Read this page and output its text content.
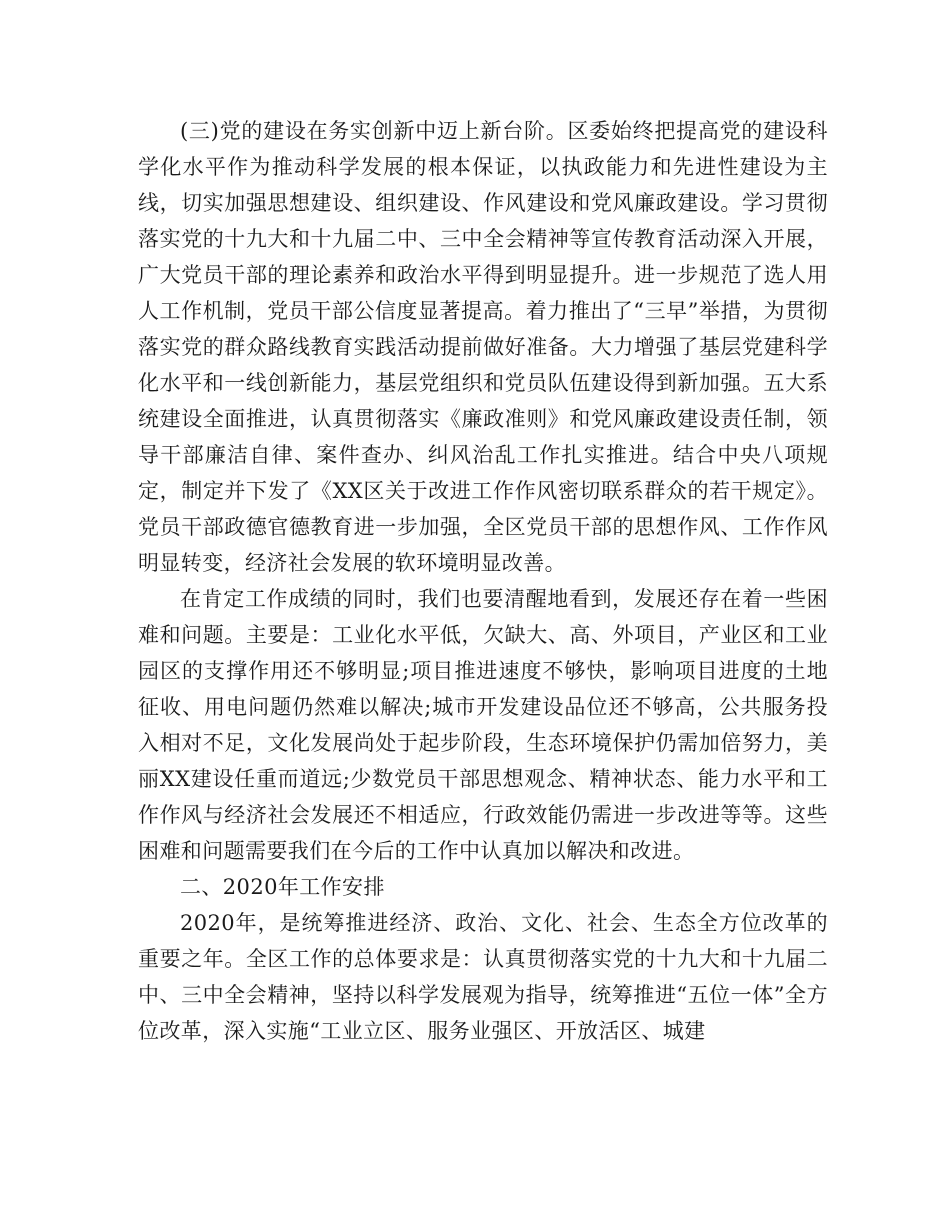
(三)党的建设在务实创新中迈上新台阶。区委始终把提高党的建设科学化水平作为推动科学发展的根本保证，以执政能力和先进性建设为主线，切实加强思想建设、组织建设、作风建设和党风廉政建设。学习贯彻落实党的十九大和十九届二中、三中全会精神等宣传教育活动深入开展，广大党员干部的理论素养和政治水平得到明显提升。进一步规范了选人用人工作机制，党员干部公信度显著提高。着力推出了“三早”举措，为贯彻落实党的群众路线教育实践活动提前做好准备。大力增强了基层党建科学化水平和一线创新能力，基层党组织和党员队伍建设得到新加强。五大系统建设全面推进，认真贯彻落实《廉政准则》和党风廉政建设责任制，领导干部廉洁自律、案件查办、纠风治乱工作扎实推进。结合中央八项规定，制定并下发了《XX区关于改进工作作风密切联系群众的若干规定》。党员干部政德官德教育进一步加强，全区党员干部的思想作风、工作作风明显转变，经济社会发展的软环境明显改善。

在肯定工作成绩的同时，我们也要清醒地看到，发展还存在着一些困难和问题。主要是：工业化水平低，欠缺大、高、外项目，产业区和工业园区的支撑作用还不够明显;项目推进速度不够快，影响项目进度的土地征收、用电问题仍然难以解决;城市开发建设品位还不够高，公共服务投入相对不足，文化发展尚处于起步阶段，生态环境保护仍需加倍努力，美丽XX建设任重而道远;少数党员干部思想观念、精神状态、能力水平和工作作风与经济社会发展还不相适应，行政效能仍需进一步改进等等。这些困难和问题需要我们在今后的工作中认真加以解决和改进。

二、2020年工作安排

2020年，是统筹推进经济、政治、文化、社会、生态全方位改革的重要之年。全区工作的总体要求是：认真贯彻落实党的十九大和十九届二中、三中全会精神，坚持以科学发展观为指导，统筹推进“五位一体”全方位改革，深入实施“工业立区、服务业强区、开放活区、城建
